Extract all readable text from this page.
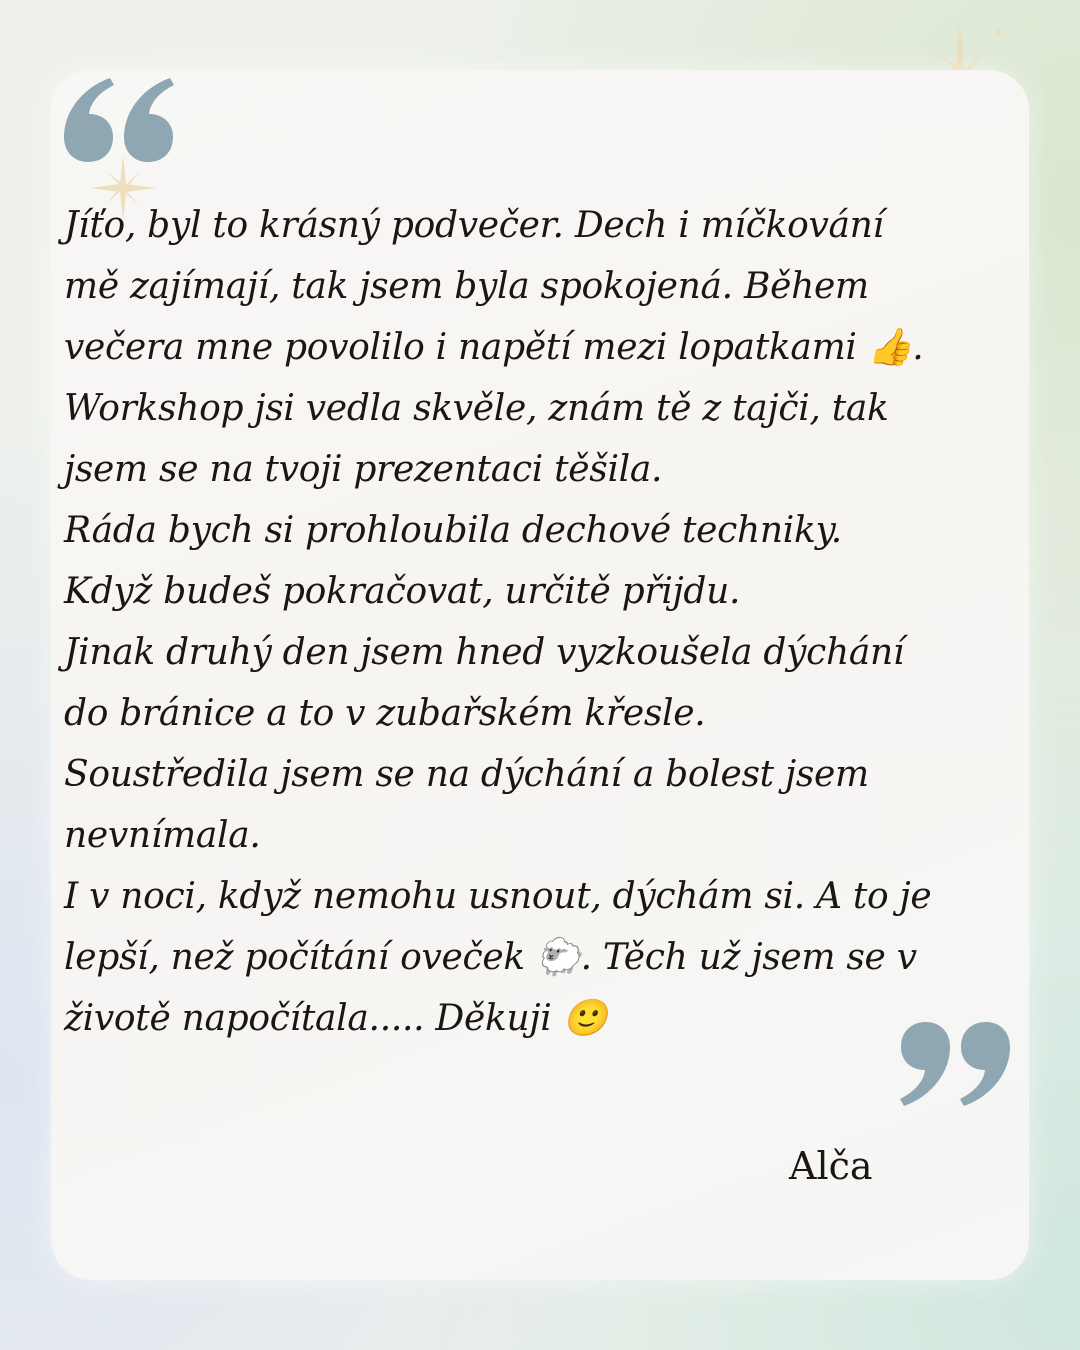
Jíťo, byl to krásný podvečer. Dech i míčkování

mě zajímají, tak jsem byla spokojená. Během

večera mne povolilo i napětí mezi lopatkami 👍.

Workshop jsi vedla skvěle, znám tě z tajči, tak

jsem se na tvoji prezentaci těšila.

Ráda bych si prohloubila dechové techniky.

Když budeš pokračovat, určitě přijdu.

Jinak druhý den jsem hned vyzkoušela dýchání

do bránice a to v zubařském křesle.

Soustředila jsem se na dýchání a bolest jsem

nevnímala.

I v noci, když nemohu usnout, dýchám si. A to je

lepší, než počítání oveček 🐑. Těch už jsem se v

životě napočítala..... Děkuji 🙂

Alča
